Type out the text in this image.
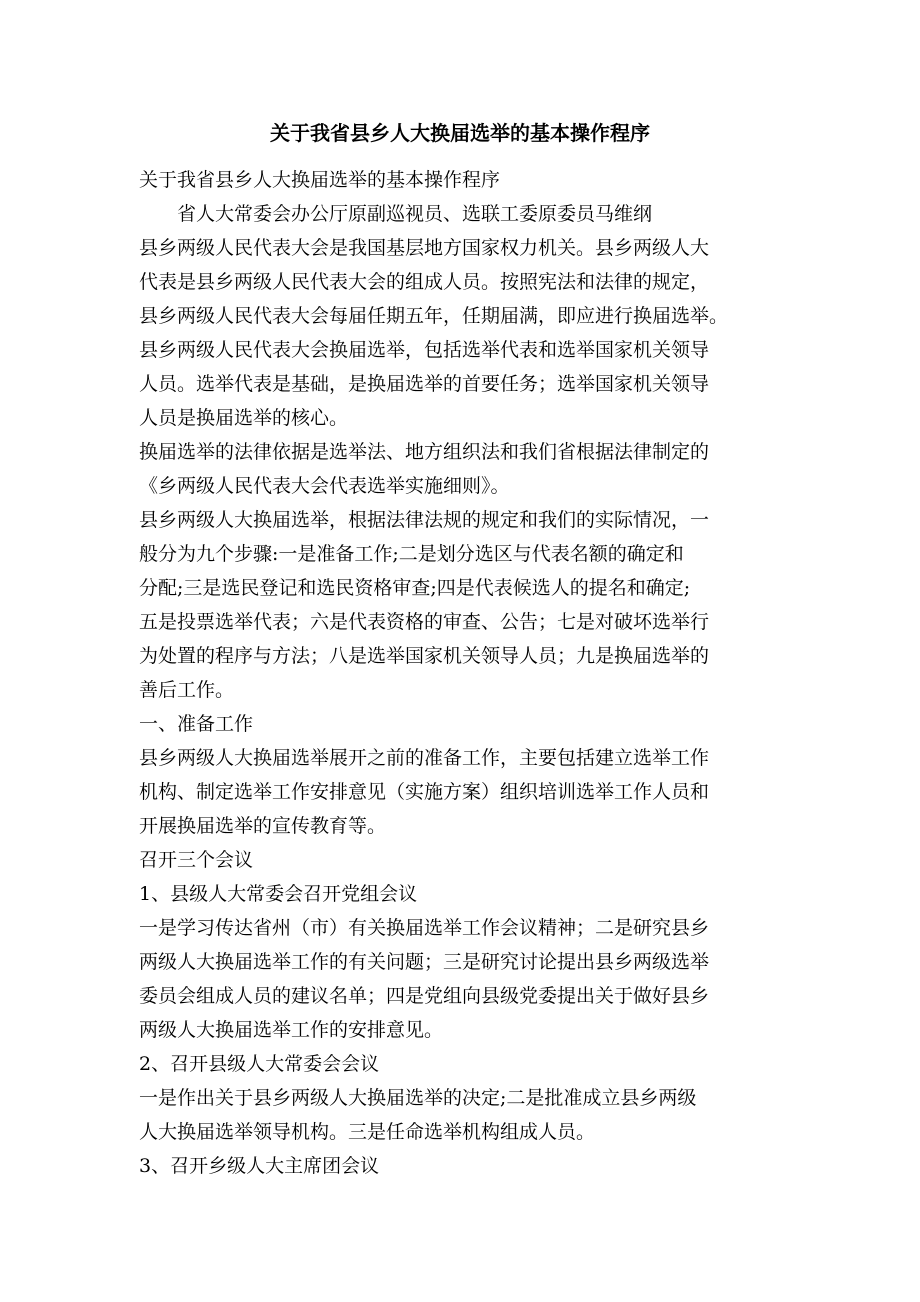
关于我省县乡人大换届选举的基本操作程序
关于我省县乡人大换届选举的基本操作程序
省人大常委会办公厅原副巡视员、选联工委原委员马维纲
县乡两级人民代表大会是我国基层地方国家权力机关。县乡两级人大
代表是县乡两级人民代表大会的组成人员。按照宪法和法律的规定，
县乡两级人民代表大会每届任期五年，任期届满，即应进行换届选举。
县乡两级人民代表大会换届选举，包括选举代表和选举国家机关领导
人员。选举代表是基础，是换届选举的首要任务；选举国家机关领导
人员是换届选举的核心。
换届选举的法律依据是选举法、地方组织法和我们省根据法律制定的
《乡两级人民代表大会代表选举实施细则》。
县乡两级人大换届选举，根据法律法规的规定和我们的实际情况，一
般分为九个步骤:一是准备工作;二是划分选区与代表名额的确定和
分配;三是选民登记和选民资格审查;四是代表候选人的提名和确定;
五是投票选举代表；六是代表资格的审查、公告；七是对破坏选举行
为处置的程序与方法；八是选举国家机关领导人员；九是换届选举的
善后工作。
一、准备工作
县乡两级人大换届选举展开之前的准备工作，主要包括建立选举工作
机构、制定选举工作安排意见（实施方案）组织培训选举工作人员和
开展换届选举的宣传教育等。
召开三个会议
1、县级人大常委会召开党组会议
一是学习传达省州（市）有关换届选举工作会议精神；二是研究县乡
两级人大换届选举工作的有关问题；三是研究讨论提出县乡两级选举
委员会组成人员的建议名单；四是党组向县级党委提出关于做好县乡
两级人大换届选举工作的安排意见。
2、召开县级人大常委会会议
一是作出关于县乡两级人大换届选举的决定;二是批准成立县乡两级
人大换届选举领导机构。三是任命选举机构组成人员。
3、召开乡级人大主席团会议
